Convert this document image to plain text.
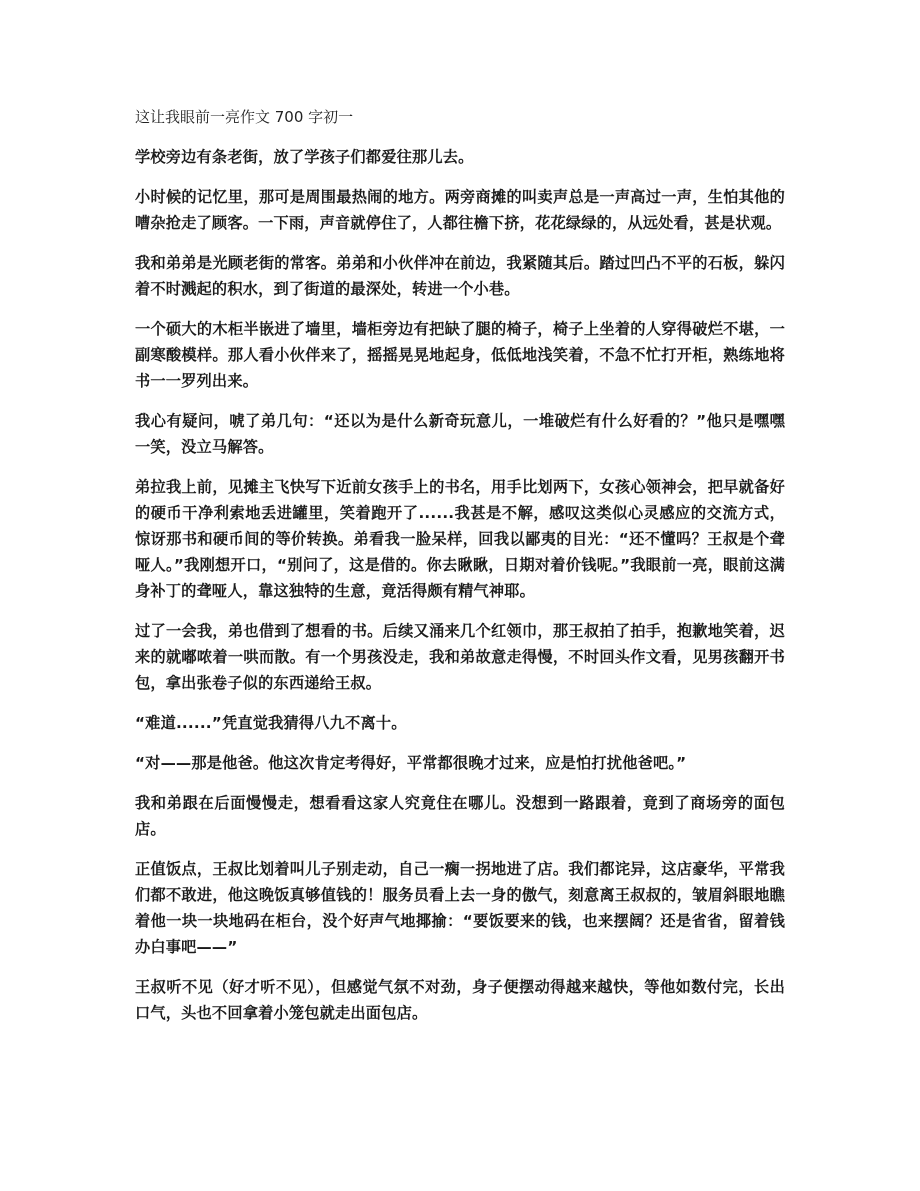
这让我眼前一亮作文 700 字初一

学校旁边有条老街，放了学孩子们都爱往那儿去。

小时候的记忆里，那可是周围最热闹的地方。两旁商摊的叫卖声总是一声高过一声，生怕其他的嘈杂抢走了顾客。一下雨，声音就停住了，人都往檐下挤，花花绿绿的，从远处看，甚是状观。

我和弟弟是光顾老街的常客。弟弟和小伙伴冲在前边，我紧随其后。踏过凹凸不平的石板，躲闪着不时溅起的积水，到了街道的最深处，转进一个小巷。

一个硕大的木柜半嵌进了墙里，墙柜旁边有把缺了腿的椅子，椅子上坐着的人穿得破烂不堪，一副寒酸模样。那人看小伙伴来了，摇摇晃晃地起身，低低地浅笑着，不急不忙打开柜，熟练地将书一一罗列出来。

我心有疑问，唬了弟几句：“还以为是什么新奇玩意儿，一堆破烂有什么好看的？”他只是嘿嘿一笑，没立马解答。

弟拉我上前，见摊主飞快写下近前女孩手上的书名，用手比划两下，女孩心领神会，把早就备好的硬币干净利索地丢进罐里，笑着跑开了......我甚是不解，感叹这类似心灵感应的交流方式，惊讶那书和硬币间的等价转换。弟看我一脸呆样，回我以鄙夷的目光：“还不懂吗？王叔是个聋哑人。”我刚想开口，“别问了，这是借的。你去瞅瞅，日期对着价钱呢。”我眼前一亮，眼前这满身补丁的聋哑人，靠这独特的生意，竟活得颇有精气神耶。

过了一会我，弟也借到了想看的书。后续又涌来几个红领巾，那王叔拍了拍手，抱歉地笑着，迟来的就嘟哝着一哄而散。有一个男孩没走，我和弟故意走得慢，不时回头作文看，见男孩翻开书包，拿出张卷子似的东西递给王叔。

“难道......”凭直觉我猜得八九不离十。

“对——那是他爸。他这次肯定考得好，平常都很晚才过来，应是怕打扰他爸吧。”

我和弟跟在后面慢慢走，想看看这家人究竟住在哪儿。没想到一路跟着，竟到了商场旁的面包店。

正值饭点，王叔比划着叫儿子别走动，自己一瘸一拐地进了店。我们都诧异，这店豪华，平常我们都不敢进，他这晚饭真够值钱的！服务员看上去一身的傲气，刻意离王叔叔的，皱眉斜眼地瞧着他一块一块地码在柜台，没个好声气地揶揄：“要饭要来的钱，也来摆阔？还是省省，留着钱办白事吧——”

王叔听不见（好才听不见），但感觉气氛不对劲，身子便摆动得越来越快，等他如数付完，长出口气，头也不回拿着小笼包就走出面包店。
